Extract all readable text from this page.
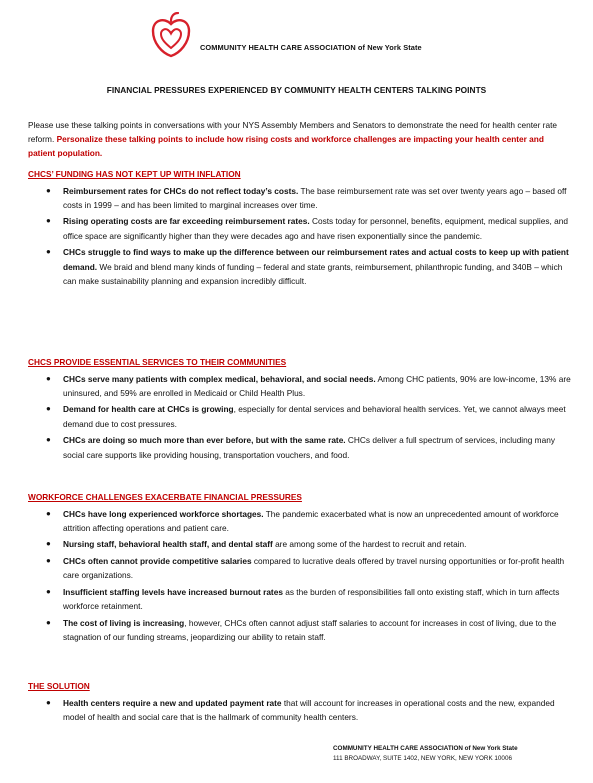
COMMUNITY HEALTH CARE ASSOCIATION of New York State
FINANCIAL PRESSURES EXPERIENCED BY COMMUNITY HEALTH CENTERS TALKING POINTS
Please use these talking points in conversations with your NYS Assembly Members and Senators to demonstrate the need for health center rate reform. Personalize these talking points to include how rising costs and workforce challenges are impacting your health center and patient population.
CHCS’ FUNDING HAS NOT KEPT UP WITH INFLATION
● Reimbursement rates for CHCs do not reflect today’s costs. The base reimbursement rate was set over twenty years ago – based off costs in 1999 – and has been limited to marginal increases over time.
● Rising operating costs are far exceeding reimbursement rates. Costs today for personnel, benefits, equipment, medical supplies, and office space are significantly higher than they were decades ago and have risen exponentially since the pandemic.
● CHCs struggle to find ways to make up the difference between our reimbursement rates and actual costs to keep up with patient demand. We braid and blend many kinds of funding – federal and state grants, reimbursement, philanthropic funding, and 340B – which can make sustainability planning and expansion incredibly difficult.
CHCS PROVIDE ESSENTIAL SERVICES TO THEIR COMMUNITIES
● CHCs serve many patients with complex medical, behavioral, and social needs. Among CHC patients, 90% are low-income, 13% are uninsured, and 59% are enrolled in Medicaid or Child Health Plus.
● Demand for health care at CHCs is growing, especially for dental services and behavioral health services. Yet, we cannot always meet demand due to cost pressures.
● CHCs are doing so much more than ever before, but with the same rate. CHCs deliver a full spectrum of services, including many social care supports like providing housing, transportation vouchers, and food.
WORKFORCE CHALLENGES EXACERBATE FINANCIAL PRESSURES
● CHCs have long experienced workforce shortages. The pandemic exacerbated what is now an unprecedented amount of workforce attrition affecting operations and patient care.
● Nursing staff, behavioral health staff, and dental staff are among some of the hardest to recruit and retain.
● CHCs often cannot provide competitive salaries compared to lucrative deals offered by travel nursing opportunities or for-profit health care organizations.
● Insufficient staffing levels have increased burnout rates as the burden of responsibilities fall onto existing staff, which in turn affects workforce retainment.
● The cost of living is increasing, however, CHCs often cannot adjust staff salaries to account for increases in cost of living, due to the stagnation of our funding streams, jeopardizing our ability to retain staff.
THE SOLUTION
● Health centers require a new and updated payment rate that will account for increases in operational costs and the new, expanded model of health and social care that is the hallmark of community health centers.
COMMUNITY HEALTH CARE ASSOCIATION of New York State
111 BROADWAY, SUITE 1402, NEW YORK, NEW YORK 10006
